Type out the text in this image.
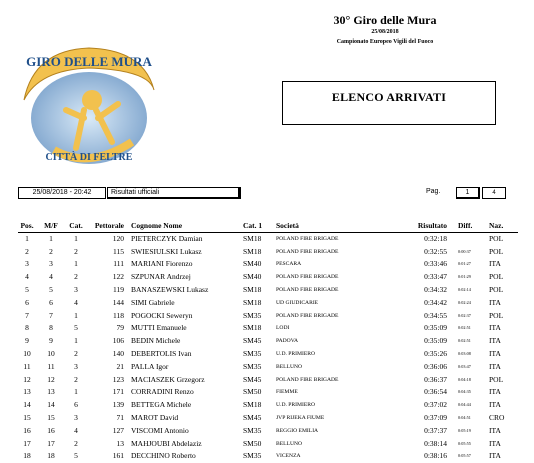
GIRO DELLE MURA
CITTÀ DI FELTRE
30° Giro delle Mura
25/08/2018
Campionato Europeo Vigili del Fuoco
ELENCO ARRIVATI
25/08/2018 - 20:42	Risultati ufficiali	Pag.	1	4
Pos.	M/F Cat.	Pettorale Cognome Nome	Cat. 1 Società	Risultato Diff. Naz.
1	1	1	120 PIETERCZYK Damian	SM18	POLAND FIRE BRIGADE	0:32:18	POL
2	2	2	115 SWIESIULSKI Lukasz	SM18	POLAND FIRE BRIGADE	0:32:55	0:00:37 POL
3	3	1	111 MARIANI Fiorenzo	SM40	PESCARA	0:33:46	0:01:27 ITA
4	4	2	122 SZPUNAR Andrzej	SM40	POLAND FIRE BRIGADE	0:33:47	0:01:29 POL
5	5	3	119 BANASZEWSKI Lukasz	SM18	POLAND FIRE BRIGADE	0:34:32	0:02:14 POL
6	6	4	144 SIMI Gabriele	SM18	UD GIUDICARIE	0:34:42	0:02:24 ITA
7	7	1	118 POGOCKI Seweryn	SM35	POLAND FIRE BRIGADE	0:34:55	0:02:37 POL
8	8	5	79 MUTTI Emanuele	SM18	LODI	0:35:09	0:02:51 ITA
9	9	1	106 BEDIN Michele	SM45	PADOVA	0:35:09	0:02:51 ITA
10	10	2	140 DEBERTOLIS Ivan	SM35	U.D. PRIMIERO	0:35:26	0:03:08 ITA
11	11	3	21 PALLA Igor	SM35	BELLUNO	0:36:06	0:03:47 ITA
12	12	2	123 MACIASZEK Grzegorz	SM45	POLAND FIRE BRIGADE	0:36:37	0:04:18 POL
13	13	1	171 CORRADINI Renzo	SM50	FIEMME	0:36:54	0:04:35 ITA
14	14	6	139 BETTEGA Michele	SM18	U.D. PRIMIERO	0:37:02	0:04:44 ITA
15	15	3	71 MAROT David	SM45	JVP RIJEKA FIUME	0:37:09	0:04:51 CRO
16	16	4	127 VISCOMI Antonio	SM35	REGGIO EMILIA	0:37:37	0:05:19 ITA
17	17	2	13 MAHJOUBI Abdelaziz	SM50	BELLUNO	0:38:14	0:05:55 ITA
18	18	5	161 DECCHINO Roberto	SM35	VICENZA	0:38:16	0:05:57 ITA
